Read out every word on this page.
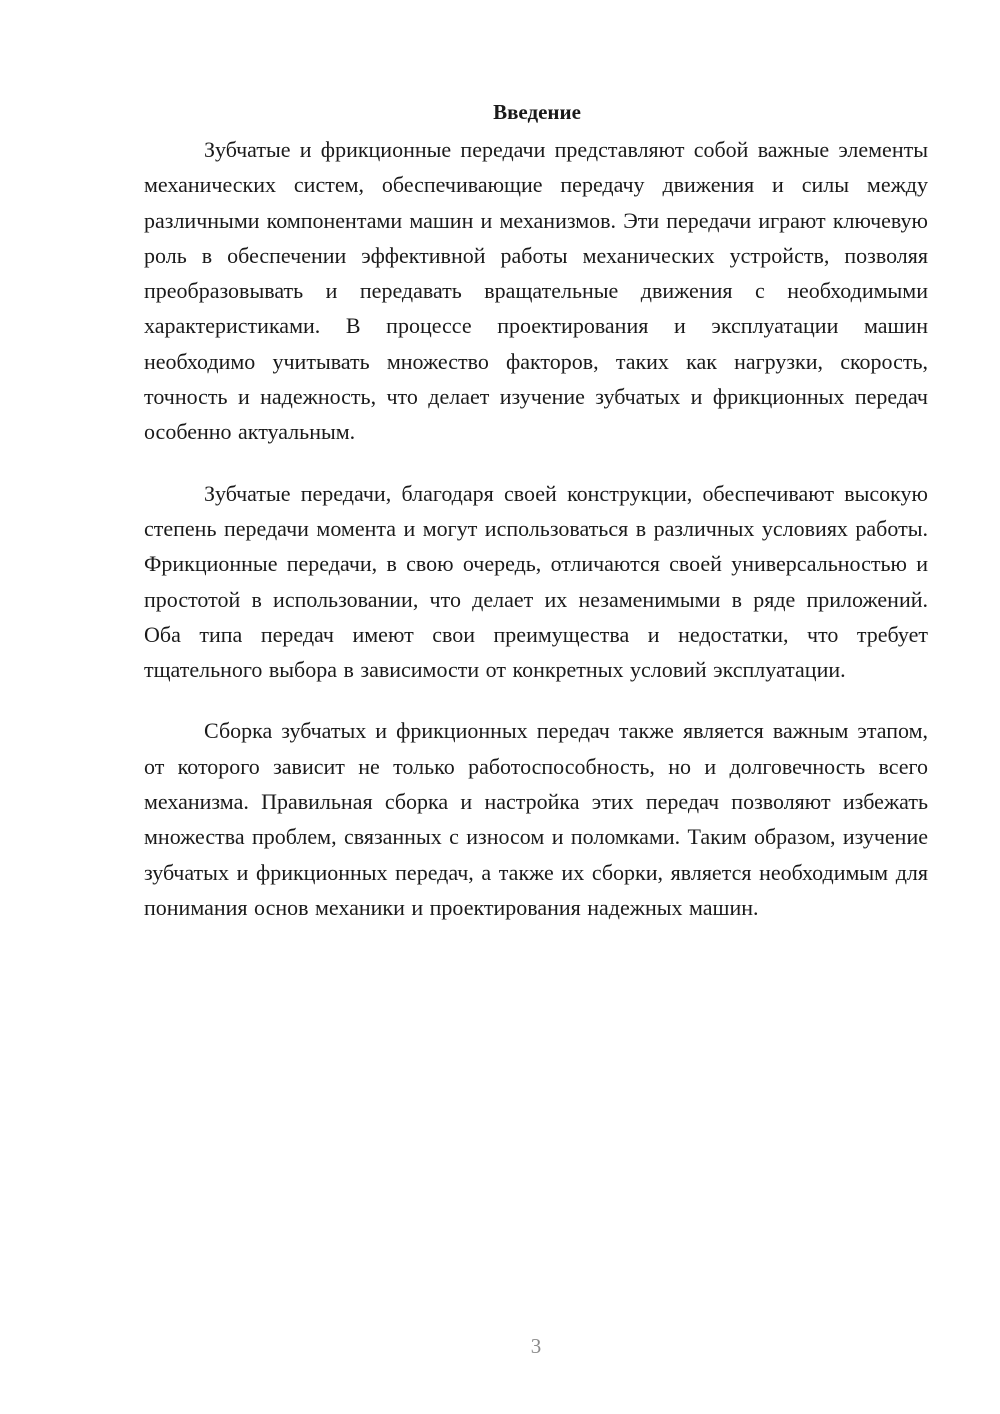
Введение

Зубчатые и фрикционные передачи представляют собой важные элементы механических систем, обеспечивающие передачу движения и силы между различными компонентами машин и механизмов. Эти передачи играют ключевую роль в обеспечении эффективной работы механических устройств, позволяя преобразовывать и передавать вращательные движения с необходимыми характеристиками. В процессе проектирования и эксплуатации машин необходимо учитывать множество факторов, таких как нагрузки, скорость, точность и надежность, что делает изучение зубчатых и фрикционных передач особенно актуальным.

Зубчатые передачи, благодаря своей конструкции, обеспечивают высокую степень передачи момента и могут использоваться в различных условиях работы. Фрикционные передачи, в свою очередь, отличаются своей универсальностью и простотой в использовании, что делает их незаменимыми в ряде приложений. Оба типа передач имеют свои преимущества и недостатки, что требует тщательного выбора в зависимости от конкретных условий эксплуатации.

Сборка зубчатых и фрикционных передач также является важным этапом, от которого зависит не только работоспособность, но и долговечность всего механизма. Правильная сборка и настройка этих передач позволяют избежать множества проблем, связанных с износом и поломками. Таким образом, изучение зубчатых и фрикционных передач, а также их сборки, является необходимым для понимания основ механики и проектирования надежных машин.

3
